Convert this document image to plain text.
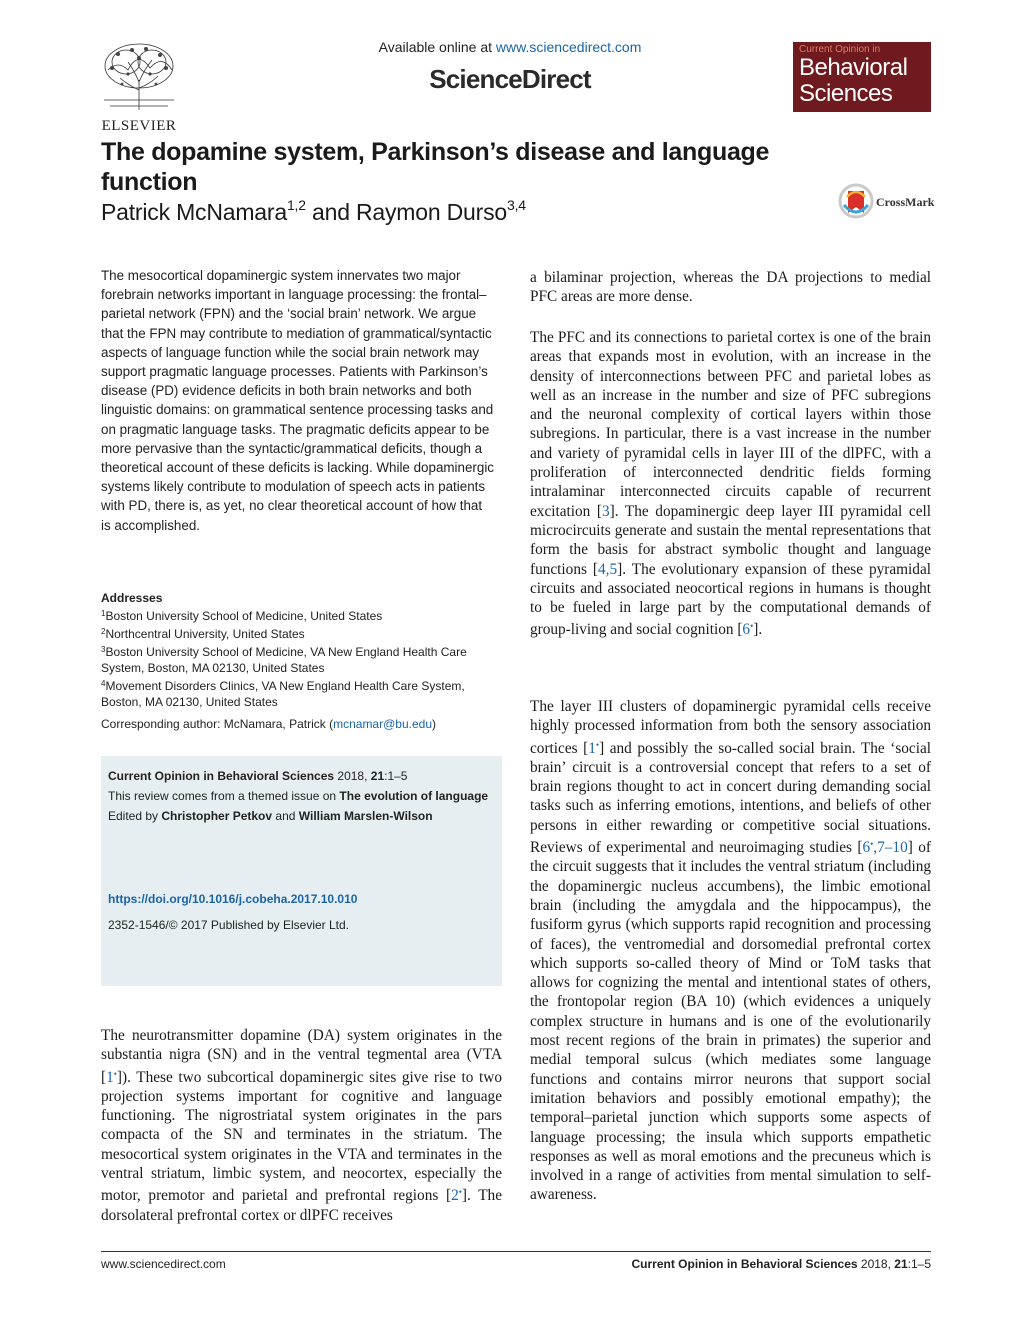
ELSEVIER
Available online at www.sciencedirect.com
ScienceDirect
Current Opinion in
Behavioral
Sciences
The dopamine system, Parkinson’s disease and language function
Patrick McNamara$^{1,2}$ and Raymon Durso$^{3,4}$	CrossMark

The mesocortical dopaminergic system innervates two major forebrain networks important in language processing: the frontal–parietal network (FPN) and the ‘social brain’ network. We argue that the FPN may contribute to mediation of grammatical/syntactic aspects of language function while the social brain network may support pragmatic language processes. Patients with Parkinson’s disease (PD) evidence deficits in both brain networks and both linguistic domains: on grammatical sentence processing tasks and on pragmatic language tasks. The pragmatic deficits appear to be more pervasive than the syntactic/grammatical deficits, though a theoretical account of these deficits is lacking. While dopaminergic systems likely contribute to modulation of speech acts in patients with PD, there is, as yet, no clear theoretical account of how that is accomplished.

Addresses
$^1$Boston University School of Medicine, United States
$^2$Northcentral University, United States
$^3$Boston University School of Medicine, VA New England Health Care System, Boston, MA 02130, United States
$^4$Movement Disorders Clinics, VA New England Health Care System, Boston, MA 02130, United States
Corresponding author: McNamara, Patrick (mcnamar@bu.edu)
Current Opinion in Behavioral Sciences 2018, 21:1–5
This review comes from a themed issue on The evolution of language
Edited by Christopher Petkov and William Marslen-Wilson
https://doi.org/10.1016/j.cobeha.2017.10.010
2352-1546/© 2017 Published by Elsevier Ltd.

The neurotransmitter dopamine (DA) system originates in the substantia nigra (SN) and in the ventral tegmental area (VTA [1•]). These two subcortical dopaminergic sites give rise to two projection systems important for cognitive and language functioning. The nigrostriatal system originates in the pars compacta of the SN and terminates in the striatum. The mesocortical system originates in the VTA and terminates in the ventral striatum, limbic system, and neocortex, especially the motor, premotor and parietal and prefrontal regions [2•]. The dorsolateral prefrontal cortex or dlPFC receives

a bilaminar projection, whereas the DA projections to medial PFC areas are more dense.

The PFC and its connections to parietal cortex is one of the brain areas that expands most in evolution, with an increase in the density of interconnections between PFC and parietal lobes as well as an increase in the number and size of PFC subregions and the neuronal complexity of cortical layers within those subregions. In particular, there is a vast increase in the number and variety of pyramidal cells in layer III of the dlPFC, with a proliferation of interconnected dendritic fields forming intralaminar interconnected circuits capable of recurrent excitation [3]. The dopaminergic deep layer III pyramidal cell microcircuits generate and sustain the mental representations that form the basis for abstract symbolic thought and language functions [4,5]. The evolutionary expansion of these pyramidal circuits and associated neocortical regions in humans is thought to be fueled in large part by the computational demands of group-living and social cognition [6•].

The layer III clusters of dopaminergic pyramidal cells receive highly processed information from both the sensory association cortices [1•] and possibly the so-called social brain. The ‘social brain’ circuit is a controversial concept that refers to a set of brain regions thought to act in concert during demanding social tasks such as inferring emotions, intentions, and beliefs of other persons in either rewarding or competitive social situations. Reviews of experimental and neuroimaging studies [6•,7–10] of the circuit suggests that it includes the ventral striatum (including the dopaminergic nucleus accumbens), the limbic emotional brain (including the amygdala and the hippocampus), the fusiform gyrus (which supports rapid recognition and processing of faces), the ventromedial and dorsomedial prefrontal cortex which supports so-called theory of Mind or ToM tasks that allows for cognizing the mental and intentional states of others, the frontopolar region (BA 10) (which evidences a uniquely complex structure in humans and is one of the evolutionarily most recent regions of the brain in primates) the superior and medial temporal sulcus (which mediates some language functions and contains mirror neurons that support social imitation behaviors and possibly emotional empathy); the temporal–parietal junction which supports some aspects of language processing; the insula which supports empathetic responses as well as moral emotions and the precuneus which is involved in a range of activities from mental simulation to self-awareness.

www.sciencedirect.com	Current Opinion in Behavioral Sciences 2018, 21:1–5
